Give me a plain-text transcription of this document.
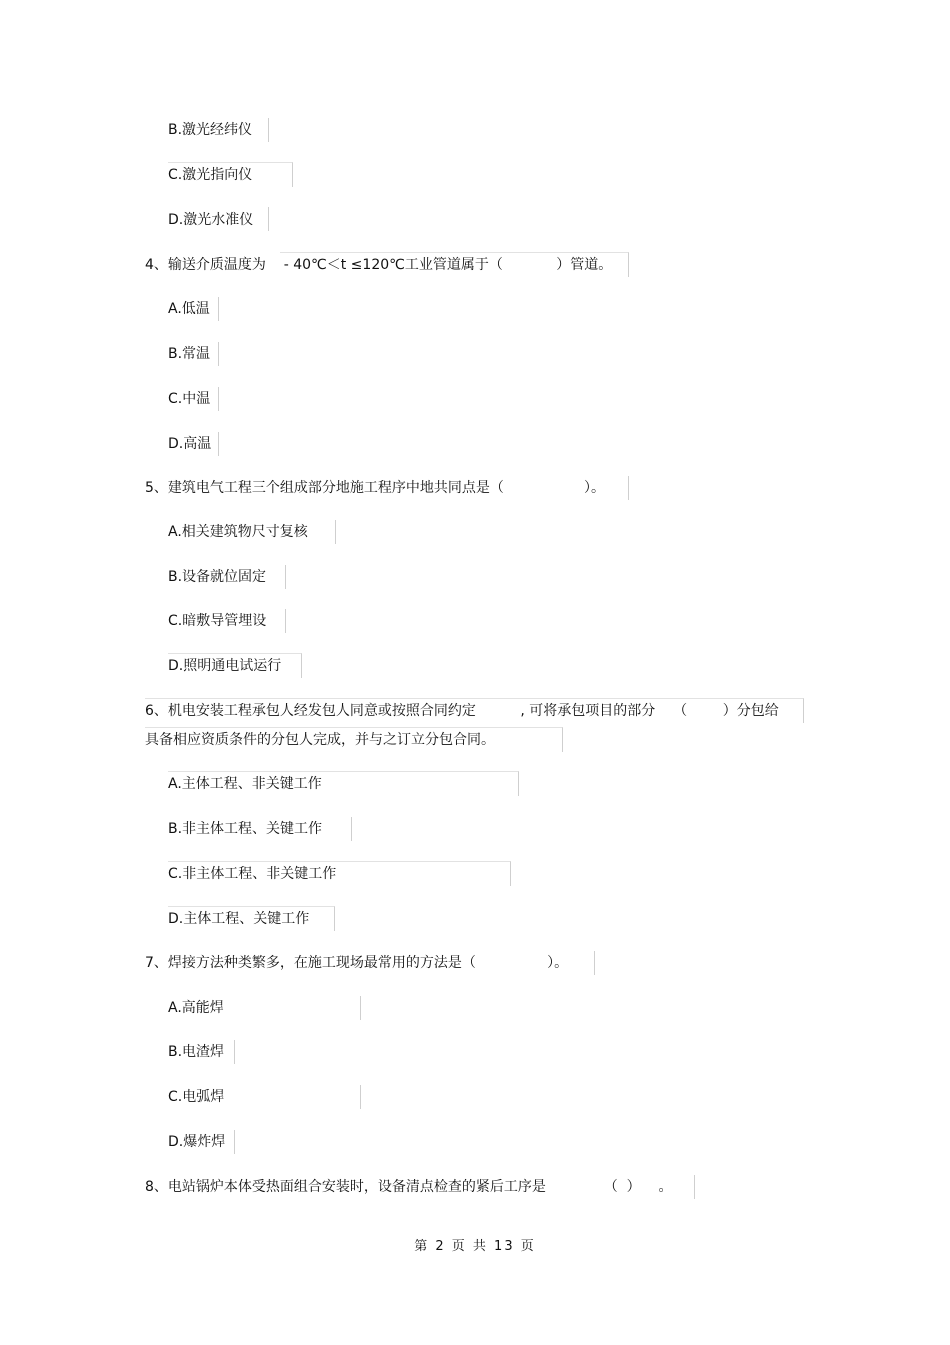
B.激光经纬仪
C.激光指向仪
D.激光水准仪
4、输送介质温度为    - 40℃＜t ≤120℃工业管道属于（            ）管道。
A.低温
B.常温
C.中温
D.高温
5、建筑电气工程三个组成部分地施工程序中地共同点是（                  ）。
A.相关建筑物尺寸复核
B.设备就位固定
C.暗敷导管埋设
D.照明通电试运行
6、机电安装工程承包人经发包人同意或按照合同约定          , 可将承包项目的部分    （        ）分包给
具备相应资质条件的分包人完成，并与之订立分包合同。
A.主体工程、非关键工作
B.非主体工程、关键工作
C.非主体工程、非关键工作
D.主体工程、关键工作
7、焊接方法种类繁多，在施工现场最常用的方法是（                ）。
A.高能焊
B.电渣焊
C.电弧焊
D.爆炸焊
8、电站锅炉本体受热面组合安装时，设备清点检查的紧后工序是             （  ）    。
第 2 页 共 13 页
